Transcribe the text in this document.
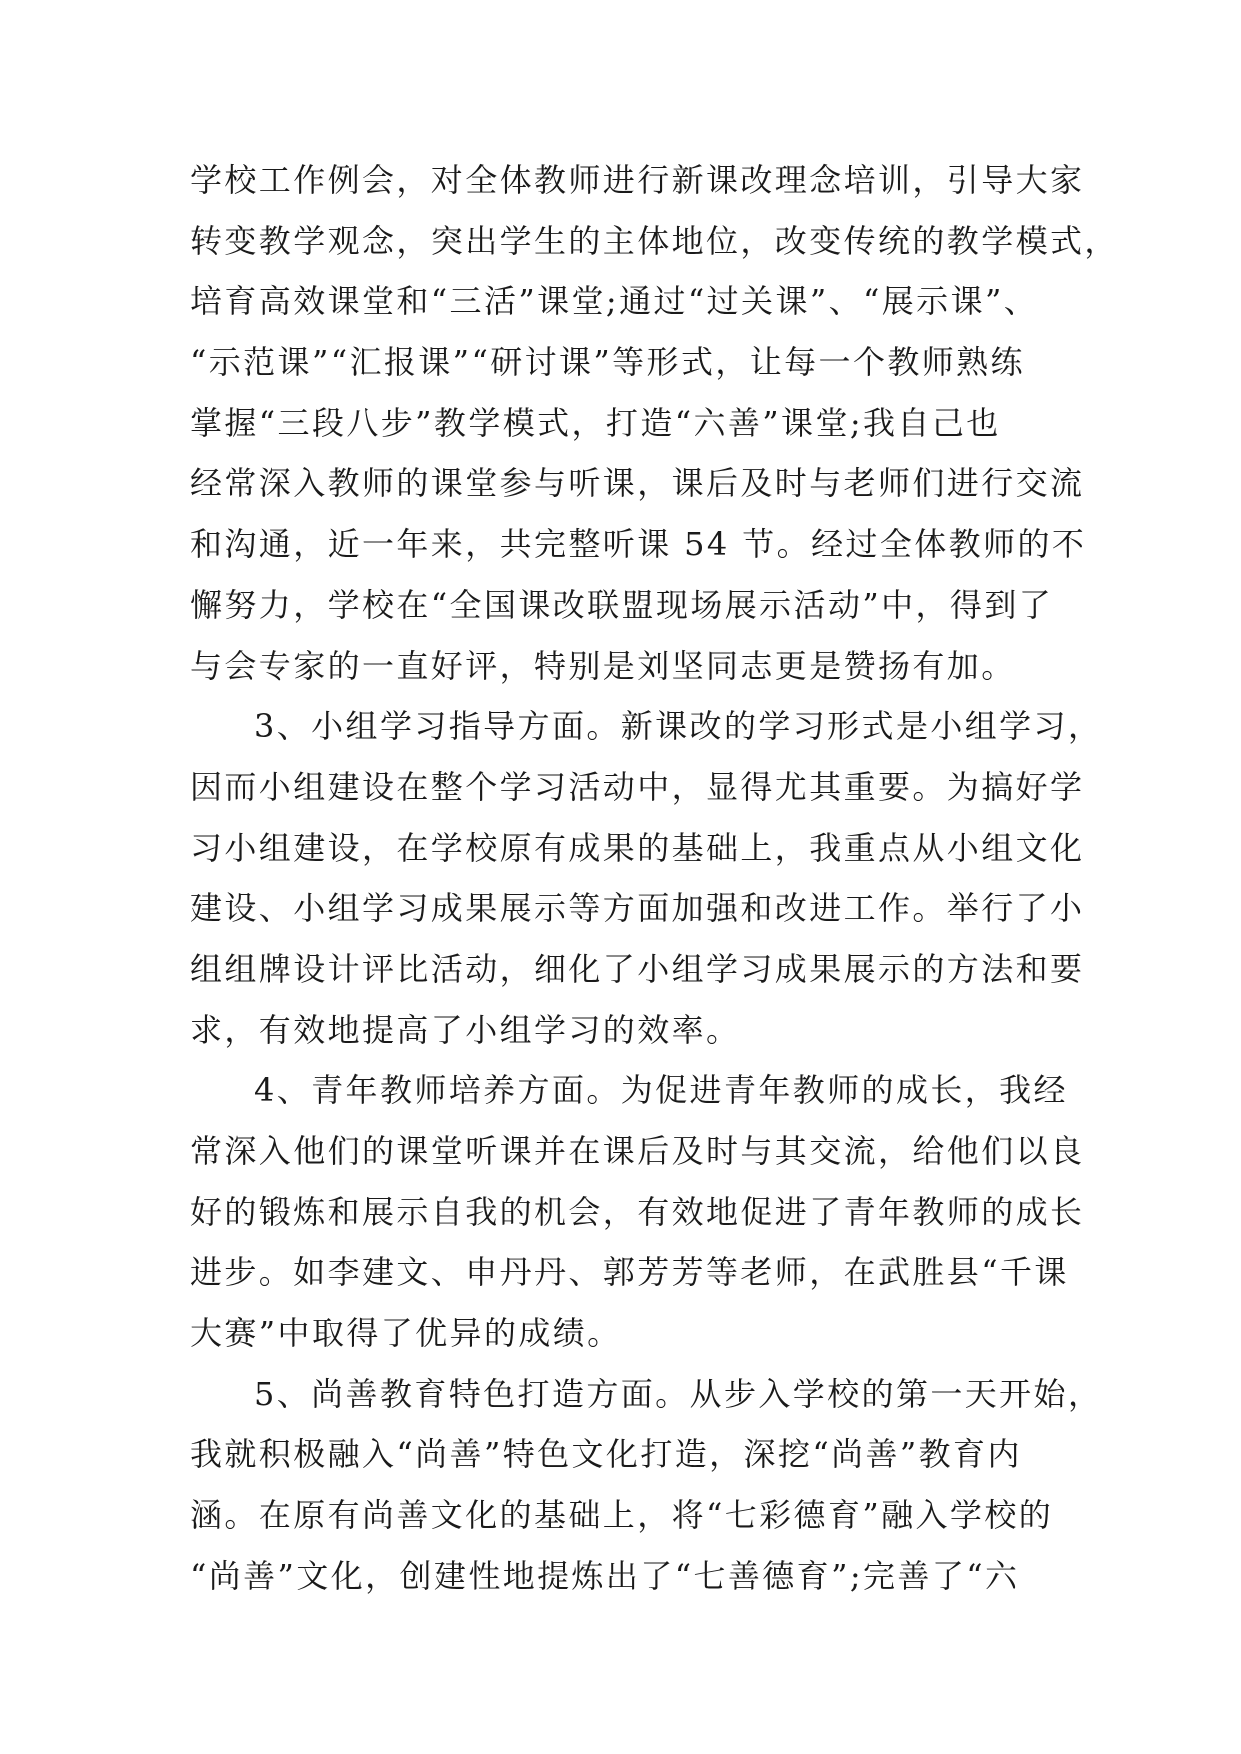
学校工作例会，对全体教师进行新课改理念培训，引导大家
转变教学观念，突出学生的主体地位，改变传统的教学模式，
培育高效课堂和“三活”课堂;通过“过关课”、“展示课”、
“示范课”“汇报课”“研讨课”等形式，让每一个教师熟练
掌握“三段八步”教学模式，打造“六善”课堂;我自己也
经常深入教师的课堂参与听课，课后及时与老师们进行交流
和沟通，近一年来，共完整听课 54 节。经过全体教师的不
懈努力，学校在“全国课改联盟现场展示活动”中，得到了
与会专家的一直好评，特别是刘坚同志更是赞扬有加。
3、小组学习指导方面。新课改的学习形式是小组学习，
因而小组建设在整个学习活动中，显得尤其重要。为搞好学
习小组建设，在学校原有成果的基础上，我重点从小组文化
建设、小组学习成果展示等方面加强和改进工作。举行了小
组组牌设计评比活动，细化了小组学习成果展示的方法和要
求，有效地提高了小组学习的效率。
4、青年教师培养方面。为促进青年教师的成长，我经
常深入他们的课堂听课并在课后及时与其交流，给他们以良
好的锻炼和展示自我的机会，有效地促进了青年教师的成长
进步。如李建文、申丹丹、郭芳芳等老师，在武胜县“千课
大赛”中取得了优异的成绩。
5、尚善教育特色打造方面。从步入学校的第一天开始，
我就积极融入“尚善”特色文化打造，深挖“尚善”教育内
涵。在原有尚善文化的基础上，将“七彩德育”融入学校的
“尚善”文化，创建性地提炼出了“七善德育”;完善了“六
